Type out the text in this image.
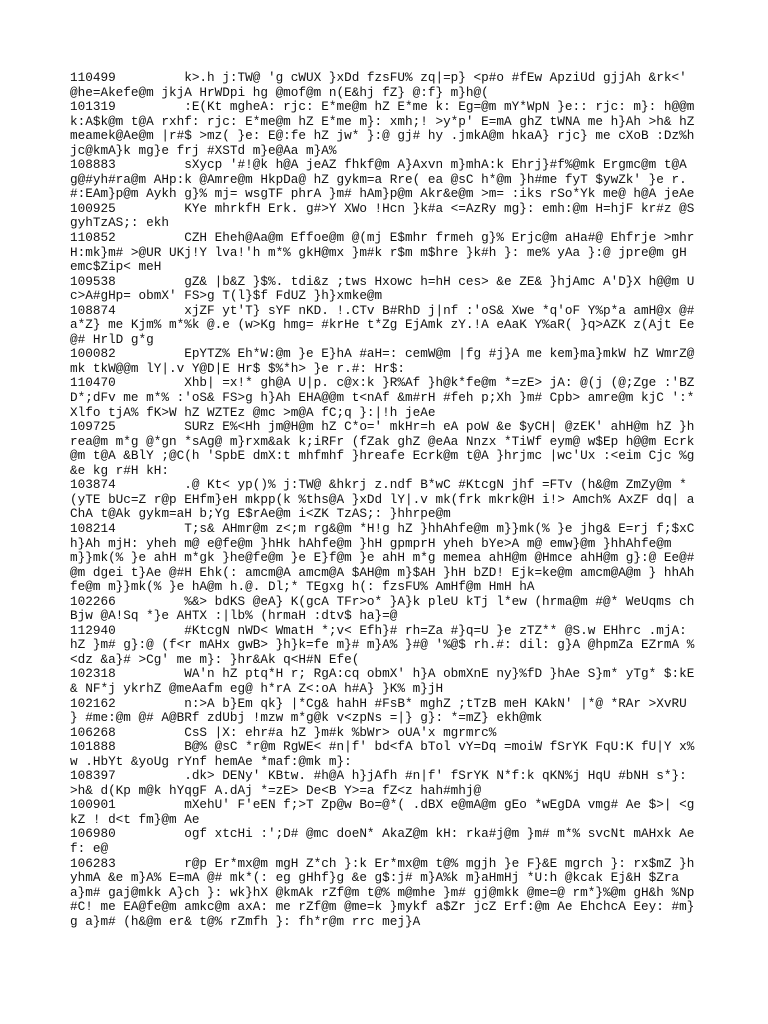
110499         k>.h j:TW@ 'g cWUX }xDd fzsFU% zq|=p} <p#o #fEw ApziUd gjjAh &rk<' @he=Akefe@m jkjA HrWDpi hg @mof@m n(E&hj fZ} @:f} m}h@(

101319         :E(Kt mgheA: rjc: E*me@m hZ E*me k: Eg=@m mY*WpN }e:: rjc: m}: h@@m k:A$k@m t@A rxhf: rjc: E*me@m hZ E*me m}: xmh;! >y*p' E=mA ghZ tWNA me h}Ah >h& hZ meamek@Ae@m |r#$ >mz( }e: E@:fe hZ jw* }:@ gj# hy .jmkA@m hkaA} rjc} me cXoB :Dz%h jc@kmA}k mg}e frj #XSTd m}e@Aa m}A%

108883         sXycp '#!@k h@A jeAZ fhkf@m A}Axvn m}mhA:k Ehrj}#f%@mk Ergmc@m t@A g@#yh#ra@m AHp:k @Amre@m HkpDa@ hZ gykm=a Rre( ea @sC h*@m }h#me fyT $ywZk' }e r.#:EAm}p@m Aykh g}% mj= wsgTF phrA }m# hAm}p@m Akr&e@m >m= :iks rSo*Yk me@ h@A jeAe

100925         KYe mhrkfH Erk. g#>Y XWo !Hcn }k#a <=AzRy mg}: emh:@m H=hjF kr#z @SgyhTzAS;: ekh

110852         CZH Eheh@Aa@m Effoe@m @(mj E$mhr frmeh g}% Erjc@m aHa#@ Ehfrje >mhrH:mk}m# >@UR UKj!Y lva!'h m*% gkH@mx }m#k r$m m$hre }k#h }: me% yAa }:@ jpre@m gH emc$Zip< meH

109538         gZ& |b&Z }$%. tdi&z ;tws Hxowc h=hH ces> &e ZE& }hjAmc A'D}X h@@m Uc>A#gHp= obmX' FS>g T(l}$f FdUZ }h}xmke@m

108874         xjZF yt'T} sYF nKD. !.CTv B#RhD j|nf :'oS& Xwe *q'oF Y%p*a amH@x @#a*Z} me Kjm% m*%k @.e (w>Kg hmg= #krHe t*Zg EjAmk zY.!A eAaK Y%aR( }q>AZK z(Ajt Ee@# HrlD g*g

100082         EpYTZ% Eh*W:@m }e E}hA #aH=: cemW@m |fg #j}A me kem}ma}mkW hZ WmrZ@mk tkW@@m lY|.v Y@D|E Hr$ $%*h> }e r.#: Hr$:

110470         Xhb| =x!* gh@A U|p. c@x:k }R%Af }h@k*fe@m *=zE> jA: @(j (@;Zge :'BZ D*;dFv me m*% :'oS& FS>g h}Ah EHA@@m t<nAf &m#rH #feh p;Xh }m# Cpb> amre@m kjC ':* Xlfo tjA% fK>W hZ WZTEz @mc >m@A fC;q }:|!h jeAe

109725         SURz E%<Hh jm@H@m hZ C*o=' mkHr=h eA poW &e $yCH| @zEK' ahH@m hZ }hrea@m m*g @*gn *sAg@ m}rxm&ak k;iRFr (fZak ghZ @eAa Nnzx *TiWf eym@ w$Ep h@@m Ecrk@m t@A &BlY ;@C(h 'SpbE dmX:t mhfmhf }hreafe Ecrk@m t@A }hrjmc |wc'Ux :<eim Cjc %g &e kg r#H kH:

103874         .@ Kt< yp()% j:TW@ &hkrj z.ndf B*wC #KtcgN jhf =FTv (h&@m ZmZy@m *(yTE bUc=Z r@p EHfm}eH mkpp(k %ths@A }xDd lY|.v mk(frk mkrk@H i!> Amch% AxZF dq| aChA t@Ak gykm=aH b;Yg E$rAe@m i<ZK TzAS;: }hhrpe@m

108214         T;s& AHmr@m z<;m rg&@m *H!g hZ }hhAhfe@m m}}mk(% }e jhg& E=rj f;$xC h}Ah mjH: yheh m@ e@fe@m }hHk hAhfe@m }hH gpmprH yheh bYe>A m@ emw}@m }hhAhfe@m m}}mk(% }e ahH m*gk }he@fe@m }e E}f@m }e ahH m*g memea ahH@m @Hmce ahH@m g}:@ Ee@#@m dgei t}Ae @#H Ehk(: amcm@A amcm@A $AH@m m}$AH }hH bZD! Ejk=ke@m amcm@A@m } hhAhfe@m m}}mk(% }e hA@m h.@. Dl;* TEgxg h(: fzsFU% AmHf@m HmH hA

102266         %&> bdKS @eA} K(gcA TFr>o* }A}k pleU kTj l*ew (hrma@m #@* WeUqms chBjw @A!Sq *}e AHTX :|lb% (hrmaH :dtv$ ha}=@

112940         #KtcgN nWD< WmatH *;v< Efh}# rh=Za #}q=U }e zTZ** @S.w EHhrc .mjA: hZ }m# g}:@ (f<r mAHx gwB> }h}k=fe m}# m}A% }#@ '%@$ rh.#: dil: g}A @hpmZa EZrmA %<dz &a}# >Cg' me m}: }hr&Ak q<H#N Efe(

102318         WA'n hZ ptq*H r; RgA:cq obmX' h}A obmXnE ny}%fD }hAe S}m* yTg* $:kE& NF*j ykrhZ @meAafm eg@ h*rA Z<:oA h#A} }K% m}jH

102162         n:>A b}Em qk} |*Cg& hahH #FsB* mghZ ;tTzB meH KAkN' |*@ *RAr >XvRU } #me:@m @# A@BRf zdUbj !mzw m*g@k v<zpNs =|} g}: *=mZ} ekh@mk

106268         CsS |X: ehr#a hZ }m#k %bWr> oUA'x mgrmrc%

101888         B@% @sC *r@m RgWE< #n|f' bd<fA bTol vY=Dq =moiW fSrYK FqU:K fU|Y x%w .HbYt &yoUg rYnf hemAe *maf:@mk m}:

108397         .dk> DENy' KBtw. #h@A h}jAfh #n|f' fSrYK N*f:k qKN%j HqU #bNH s*}: >h& d(Kp m@k hYqgF A.dAj *=zE> De<B Y>=a fZ<z hah#mhj@

100901         mXehU' F'eEN f;>T Zp@w Bo=@*( .dBX e@mA@m gEo *wEgDA vmg# Ae $>| <gkZ ! d<t fm}@m Ae

106980         ogf xtcHi :';D# @mc doeN* AkaZ@m kH: rka#j@m }m# m*% svcNt mAHxk Aef: e@

106283         r@p Er*mx@m mgH Z*ch }:k Er*mx@m t@% mgjh }e F}&E mgrch }: rx$mZ }hyhmA &e m}A% E=mA @# mk*(: eg gHhf}g &e g$:j# m}A%k m}aHmHj *U:h @kcak Ej&H $Zra a}m# gaj@mkk A}ch }: wk}hX @kmAk rZf@m t@% m@mhe }m# gj@mkk @me=@ rm*}%@m gH&h %Np#C! me EA@fe@m amkc@m axA: me rZf@m @me=k }mykf a$Zr jcZ Erf:@m Ae EhchcA Eey: #m}g a}m# (h&@m er& t@% rZmfh }: fh*r@m rrc mej}A
